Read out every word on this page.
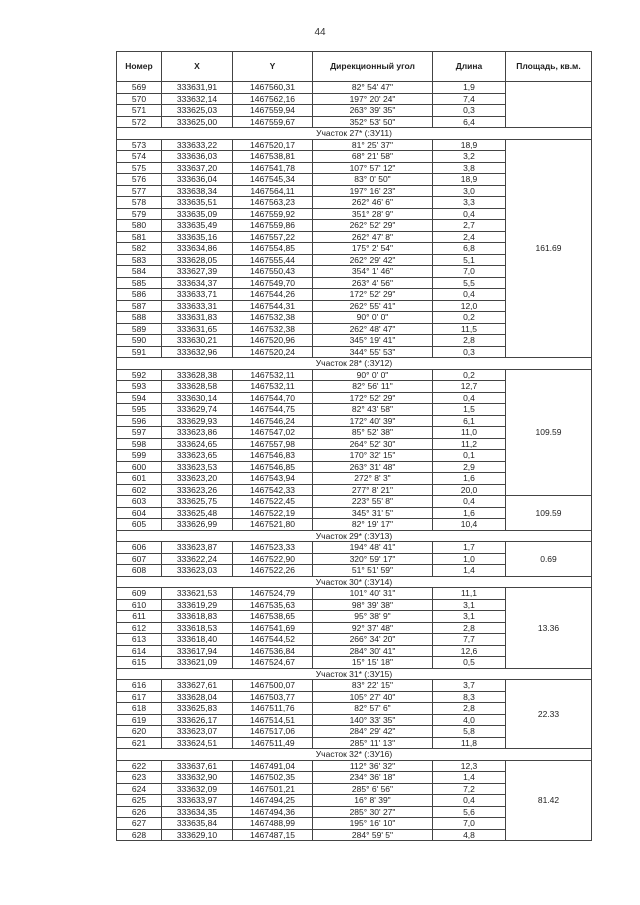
44
Номер	X	Y	Дирекционный угол	Длина	Площадь, кв.м.
569	333631,91	1467560,31	82° 54' 47"	1,9	
570	333632,14	1467562,16	197° 20' 24"	7,4	
571	333625,03	1467559,94	263° 39' 35"	0,3	
572	333625,00	1467559,67	352° 53' 50"	6,4	
Участок 27* (:ЗУ11)					
573	333633,22	1467520,17	81° 25' 37"	18,9	161.69
574	333636,03	1467538,81	68° 21' 58"	3,2	
575	333637,20	1467541,78	107° 57' 12"	3,8	
576	333636,04	1467545,34	83° 0' 50"	18,9	
577	333638,34	1467564,11	197° 16' 23"	3,0	
578	333635,51	1467563,23	262° 46' 6"	3,3	
579	333635,09	1467559,92	351° 28' 9"	0,4	
580	333635,49	1467559,86	262° 52' 29"	2,7	
581	333635,16	1467557,22	262° 47' 8"	2,4	
582	333634,86	1467554,85	175° 2' 54"	6,8	
583	333628,05	1467555,44	262° 29' 42"	5,1	
584	333627,39	1467550,43	354° 1' 46"	7,0	
585	333634,37	1467549,70	263° 4' 56"	5,5	
586	333633,71	1467544,26	172° 52' 29"	0,4	
587	333633,31	1467544,31	262° 55' 41"	12,0	
588	333631,83	1467532,38	90° 0' 0"	0,2	
589	333631,65	1467532,38	262° 48' 47"	11,5	
590	333630,21	1467520,96	345° 19' 41"	2,8	
591	333632,96	1467520,24	344° 55' 53"	0,3	
Участок 28* (:ЗУ12)					
592	333628,38	1467532,11	90° 0' 0"	0,2	109.59
593	333628,58	1467532,11	82° 56' 11"	12,7	
594	333630,14	1467544,70	172° 52' 29"	0,4	
595	333629,74	1467544,75	82° 43' 58"	1,5	
596	333629,93	1467546,24	172° 40' 39"	6,1	
597	333623,86	1467547,02	85° 52' 38"	11,0	
598	333624,65	1467557,98	264° 52' 30"	11,2	
599	333623,65	1467546,83	170° 32' 15"	0,1	
600	333623,53	1467546,85	263° 31' 48"	2,9	
601	333623,20	1467543,94	272° 8' 3"	1,6	
602	333623,26	1467542,33	277° 8' 21"	20,0	
603	333625,75	1467522,45	223° 55' 8"	0,4	109.59
604	333625,48	1467522,19	345° 31' 5"	1,6	
605	333626,99	1467521,80	82° 19' 17"	10,4	
Участок 29* (:ЗУ13)					
606	333623,87	1467523,33	194° 48' 41"	1,7	0.69
607	333622,24	1467522,90	320° 59' 17"	1,0	
608	333623,03	1467522,26	51° 51' 59"	1,4	
Участок 30* (:ЗУ14)					
609	333621,53	1467524,79	101° 40' 31"	11,1	13.36
610	333619,29	1467535,63	98° 39' 38"	3,1	
611	333618,83	1467538,65	95° 38' 9"	3,1	
612	333618,53	1467541,69	92° 37' 48"	2,8	
613	333618,40	1467544,52	266° 34' 20"	7,7	
614	333617,94	1467536,84	284° 30' 41"	12,6	
615	333621,09	1467524,67	15° 15' 18"	0,5	
Участок 31* (:ЗУ15)					
616	333627,61	1467500,07	83° 22' 15"	3,7	22.33
617	333628,04	1467503,77	105° 27' 40"	8,3	
618	333625,83	1467511,76	82° 57' 6"	2,8	
619	333626,17	1467514,51	140° 33' 35"	4,0	
620	333623,07	1467517,06	284° 29' 42"	5,8	
621	333624,51	1467511,49	285° 11' 13"	11,8	
Участок 32* (:ЗУ16)					
622	333637,61	1467491,04	112° 36' 32"	12,3	81.42
623	333632,90	1467502,35	234° 36' 18"	1,4	
624	333632,09	1467501,21	285° 6' 56"	7,2	
625	333633,97	1467494,25	16° 8' 39"	0,4	
626	333634,35	1467494,36	285° 30' 27"	5,6	
627	333635,84	1467488,99	195° 16' 10"	7,0	
628	333629,10	1467487,15	284° 59' 5"	4,8	
